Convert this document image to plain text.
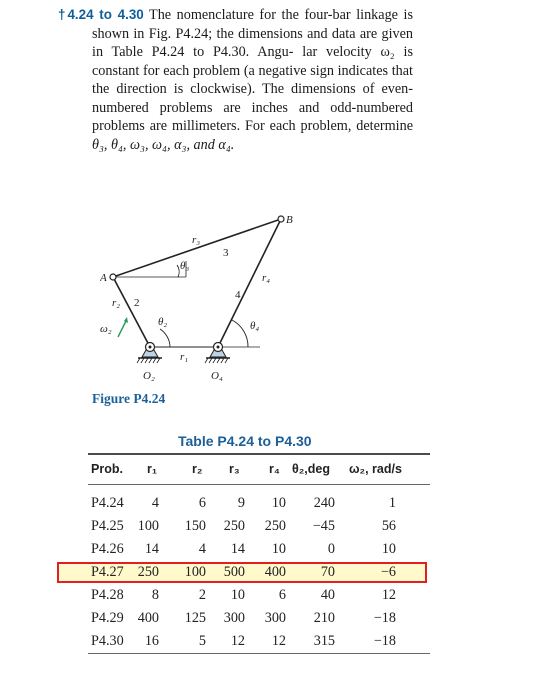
†4.24 to 4.30 The nomenclature for the four-bar linkage is shown in Fig. P4.24; the dimensions and data are given in Table P4.24 to P4.30. Angu- lar velocity ω₂ is constant for each problem (a negative sign indicates that the direction is clockwise). The dimensions of even-numbered problems are inches and odd-numbered problems are millimeters. For each problem, determine θ₃, θ₄, ω₃, ω₄, α₃, and α₄.
B
A
r₃
3
θ₃
r₄
4
r₂ 2
θ₂
ω₂	θ₄
r₁
O₂	O₄
Figure P4.24
Table P4.24 to P4.30
Prob. r₁	r₂ r₃ r₄ θ₂,deg ω₂, rad/s
P4.24 4	6 9 10 240	1
P4.25 100 150 250 250 −45	56
P4.26 14	4 14 10	0	10
P4.27 250 100 500 400 70	−6
P4.28 8	2 10 6 40	12
P4.29 400 125 300 300 210	−18
P4.30 16	5 12 12 315	−18
